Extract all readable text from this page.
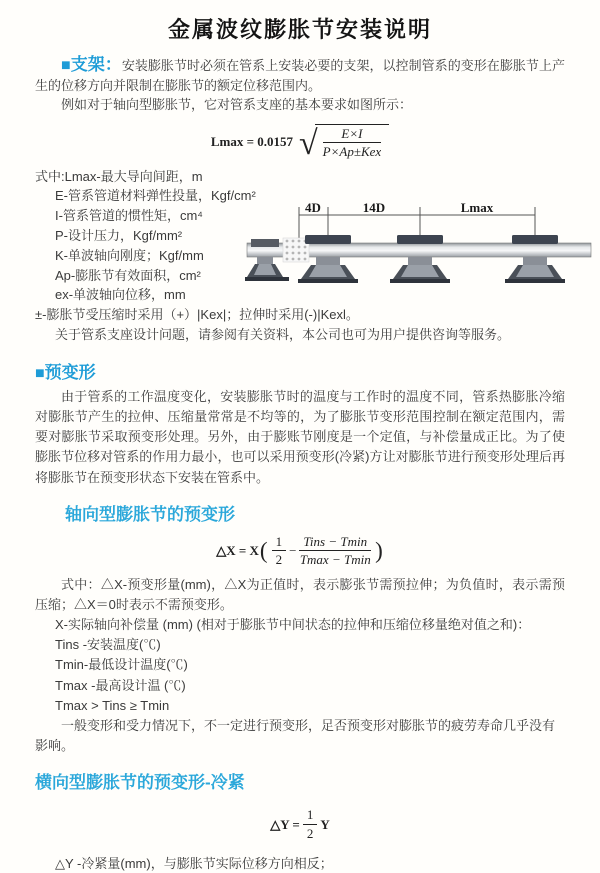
金属波纹膨胀节安装说明

■支架：安装膨胀节时必须在管系上安装必要的支架，以控制管系的变形在膨胀节上产生的位移方向并限制在膨胀节的额定位移范围内。

例如对于轴向型膨胀节，它对管系支座的基本要求如图所示：

Lmax = 0.0157 √ $\frac{E\times I}{\text{P×Ap±Kex}}$
式中:Lmax-最大导向间距，m
E-管系管道材料弹性投量，Kgf/cm²
I-管系管道的惯性矩，cm⁴
P-设计压力，Kgf/mm²
K-单波轴向刚度；Kgf/mm
Ap-膨胀节有效面积，cm²
ex-单波轴向位移，mm
±-膨胀节受压缩时采用（+）|Kex|；拉伸时采用(-)|Kexl。
关于管系支座设计问题，请参阅有关资料，本公司也可为用户提供咨询等服务。
■预变形

由于管系的工作温度变化，安装膨胀节时的温度与工作时的温度不同，管系热膨胀冷缩对膨胀节产生的拉伸、压缩量常常是不均等的，为了膨胀节变形范围控制在额定范围内，需要对膨胀节采取预变形处理。另外，由于膨账节刚度是一个定值，与补偿量成正比。为了使膨胀节位移对管系的作用力最小，也可以采用预变形(冷紧)方让对膨胀节进行预变形处理后再将膨胀节在预变形状态下安装在管系中。

轴向型膨胀节的预变形
△X = X ( $\frac{1}{2} - \frac{\text{Tins − Tmin}}{Tmax - Tmin}$ )

式中：△X-预变形量(mm)，△X为正值时，表示膨张节需预拉伸；为负值时，表示需预压缩；△X＝0时表示不需预变形。

X-实际轴向补偿量 (mm) (相对于膨胀节中间状态的拉伸和压缩位移量绝对值之和)：
Tins -安装温度(℃)
Tmin-最低设计温度(℃)
Tmax -最高设计温 (℃)
Tmax > Tins ≥ Tmin
一般变形和受力情况下，不一定进行预变形，足否预变形对膨胀节的疲劳寿命几乎没有影响。
横向型膨胀节的预变形-冷紧
△Y = $\frac{1}{2}$ Y
△Y -冷紧量(mm)，与膨胀节实际位移方向相反；
4D	14D	Lmax
